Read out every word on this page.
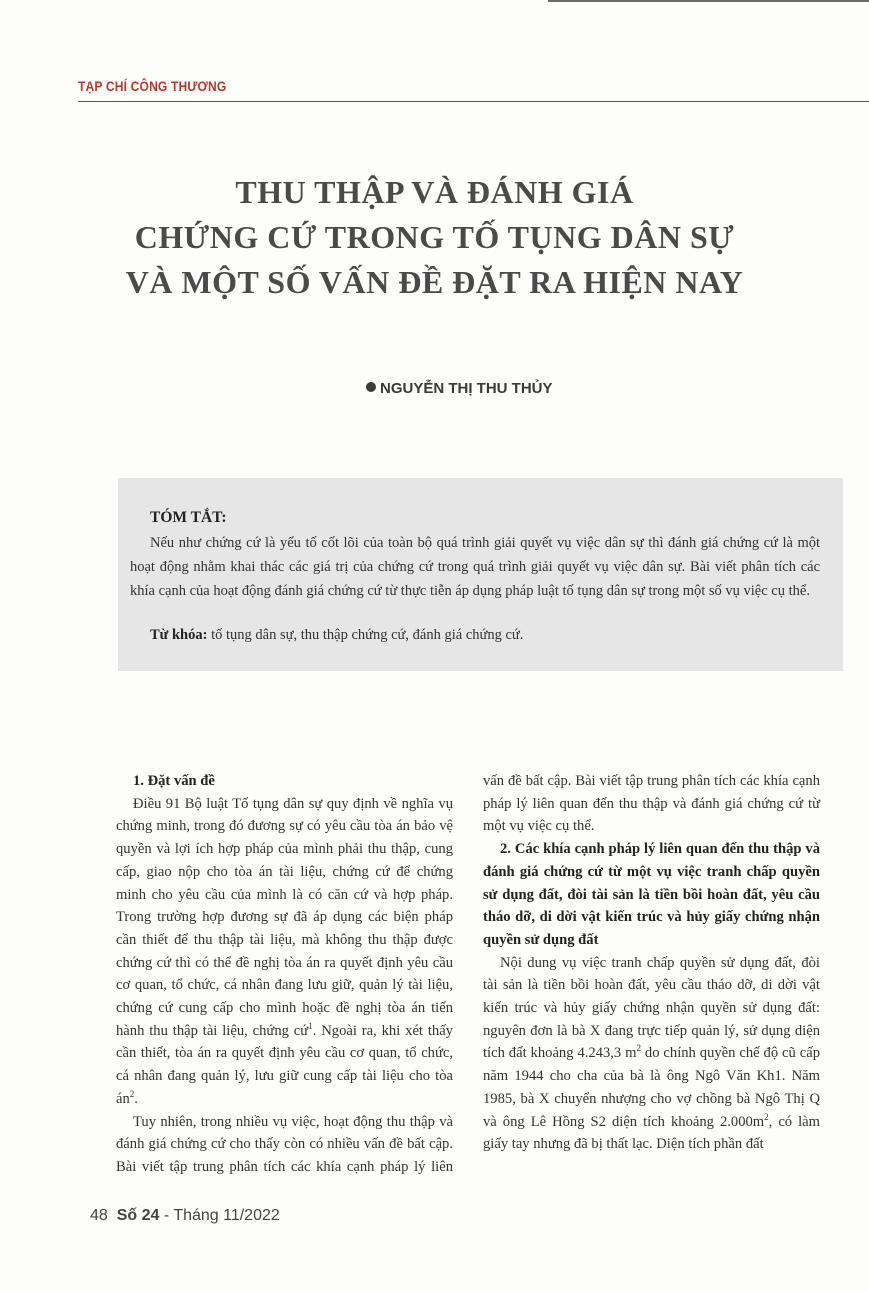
TẠP CHÍ CÔNG THƯƠNG
THU THẬP VÀ ĐÁNH GIÁ
CHỨNG CỨ TRONG TỐ TỤNG DÂN SỰ
VÀ MỘT SỐ VẤN ĐỀ ĐẶT RA HIỆN NAY
NGUYỄN THỊ THU THỦY
TÓM TẮT:
Nếu như chứng cứ là yếu tố cốt lõi của toàn bộ quá trình giải quyết vụ việc dân sự thì đánh giá chứng cứ là một hoạt động nhằm khai thác các giá trị của chứng cứ trong quá trình giải quyết vụ việc dân sự. Bài viết phân tích các khía cạnh của hoạt động đánh giá chứng cứ từ thực tiễn áp dụng pháp luật tố tụng dân sự trong một số vụ việc cụ thể.
Từ khóa: tố tụng dân sự, thu thập chứng cứ, đánh giá chứng cứ.

1. Đặt vấn đề

Điều 91 Bộ luật Tố tụng dân sự quy định về nghĩa vụ chứng minh, trong đó đương sự có yêu cầu tòa án bảo vệ quyền và lợi ích hợp pháp của mình phải thu thập, cung cấp, giao nộp cho tòa án tài liệu, chứng cứ để chứng minh cho yêu cầu của mình là có căn cứ và hợp pháp. Trong trường hợp đương sự đã áp dụng các biện pháp cần thiết để thu thập tài liệu, mà không thu thập được chứng cứ thì có thể đề nghị tòa án ra quyết định yêu cầu cơ quan, tổ chức, cá nhân đang lưu giữ, quản lý tài liệu, chứng cứ cung cấp cho mình hoặc đề nghị tòa án tiến hành thu thập tài liệu, chứng cứ$^1$. Ngoài ra, khi xét thấy cần thiết, tòa án ra quyết định yêu cầu cơ quan, tổ chức, cá nhân đang quản lý, lưu giữ cung cấp tài liệu cho tòa $án^2$.

Tuy nhiên, trong nhiều vụ việc, hoạt động thu thập và đánh giá chứng cứ cho thấy còn có nhiều vấn đề bất cập. Bài viết tập trung phân tích các khía cạnh pháp lý liên

vấn đề bất cập. Bài viết tập trung phân tích các khía cạnh pháp lý liên quan đến thu thập và đánh giá chứng cứ từ một vụ việc cụ thể.

2. Các khía cạnh pháp lý liên quan đến thu thập và đánh giá chứng cứ từ một vụ việc tranh chấp quyền sử dụng đất, đòi tài sản là tiền bồi hoàn đất, yêu cầu tháo dỡ, di dời vật kiến trúc và hủy giấy chứng nhận quyền sử dụng đất

Nội dung vụ việc tranh chấp quyền sử dụng đất, đòi tài sản là tiền bồi hoàn đất, yêu cầu tháo dỡ, di dời vật kiến trúc và hủy giấy chứng nhận quyền sử dụng đất: nguyên đơn là bà X đang trực tiếp quản lý, sử dụng diện tích đất khoảng 4.243,3 $m^2$ do chính quyền chế độ cũ cấp năm 1944 cho cha của bà là ông Ngô Văn Kh1. Năm 1985, bà X chuyển nhượng cho vợ chồng bà Ngô Thị Q và ông Lê Hồng S2 diện tích khoảng $2.000m^2$, có làm giấy tay nhưng đã bị thất lạc. Diện tích phần đất

48 Số 24 - Tháng 11/2022
